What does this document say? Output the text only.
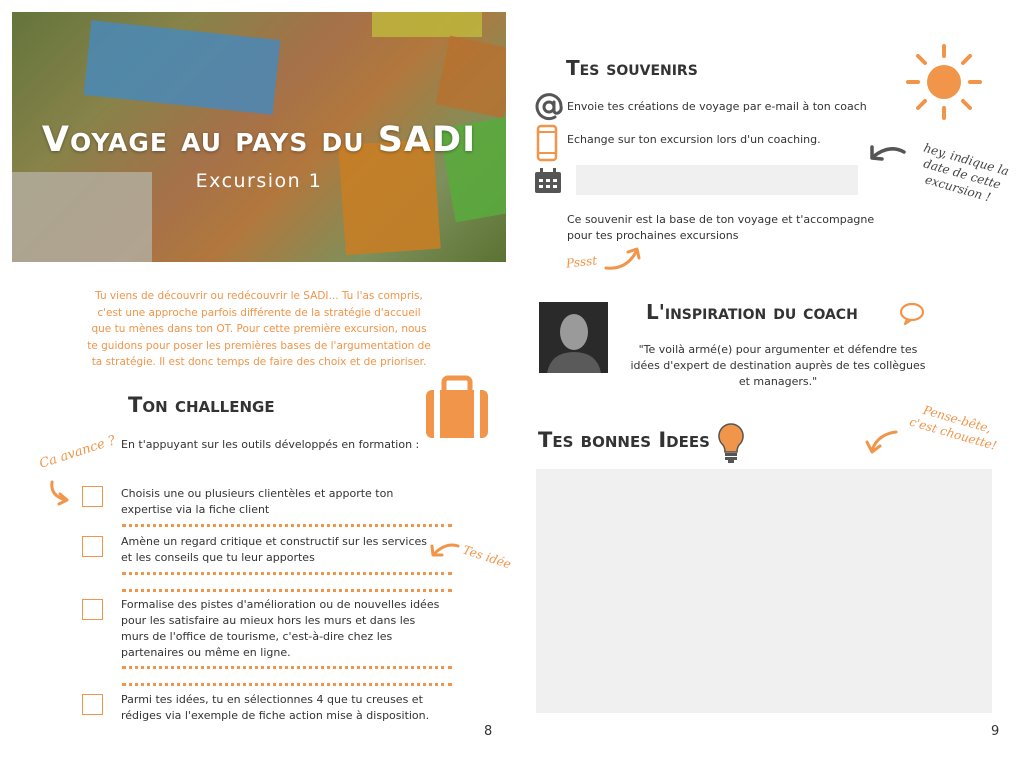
Voyage au pays du SADI
Excursion 1
Tu viens de découvrir ou redécouvrir le SADI... Tu l'as compris, c'est une approche parfois différente de la stratégie d'accueil que tu mènes dans ton OT. Pour cette première excursion, nous te guidons pour poser les premières bases de l'argumentation de ta stratégie. Il est donc temps de faire des choix et de prioriser.
Ton challenge
Ca avance ? En t'appuyant sur les outils développés en formation :
Choisis une ou plusieurs clientèles et apporte ton expertise via la fiche client
Amène un regard critique et constructif sur les services et les conseils que tu leur apportes	Tes idée
Formalise des pistes d'amélioration ou de nouvelles idées pour les satisfaire au mieux hors les murs et dans les murs de l'office de tourisme, c'est-à-dire chez les partenaires ou même en ligne.
Parmi tes idées, tu en sélectionnes 4 que tu creuses et rédiges via l'exemple de fiche action mise à disposition.
8
Tes souvenirs
Envoie tes créations de voyage par e-mail à ton coach
Echange sur ton excursion lors d'un coaching.
hey, indique la date de cette excursion !
Ce souvenir est la base de ton voyage et t'accompagne pour tes prochaines excursions
Pssst
L'inspiration du coach
"Te voilà armé(e) pour argumenter et défendre tes idées d'expert de destination auprès de tes collègues et managers."
Tes bonnes Idees
Pense-bête, c'est chouette!
9
